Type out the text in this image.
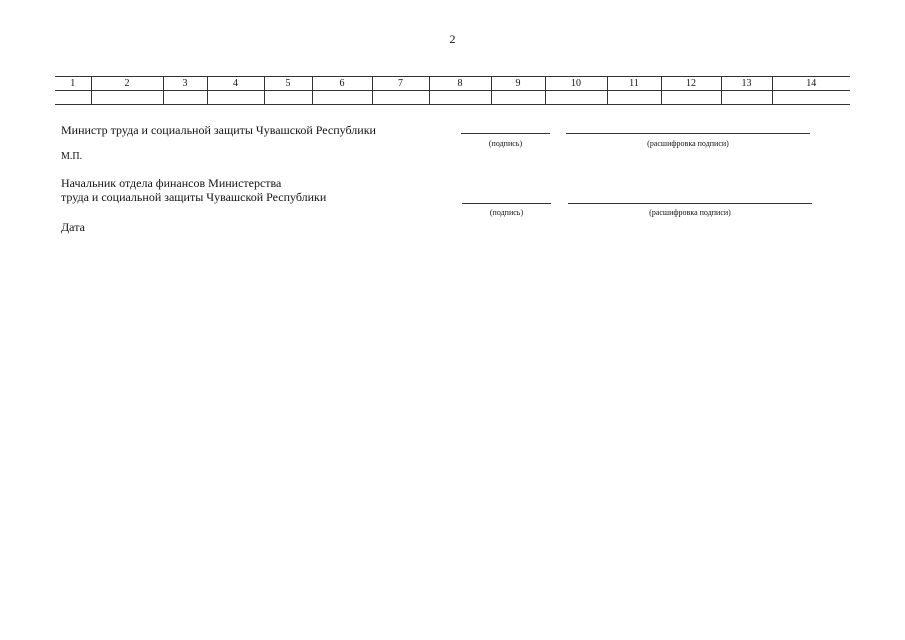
2
1	2	3	4	5	6	7	8	9	10	11	12	13	14

Министр труда и социальной защиты Чувашской Республики
(подпись)	(расшифровка подписи)
М.П.
Начальник отдела финансов Министерства
труда и социальной защиты Чувашской Республики
(подпись)	(расшифровка подписи)
Дата
